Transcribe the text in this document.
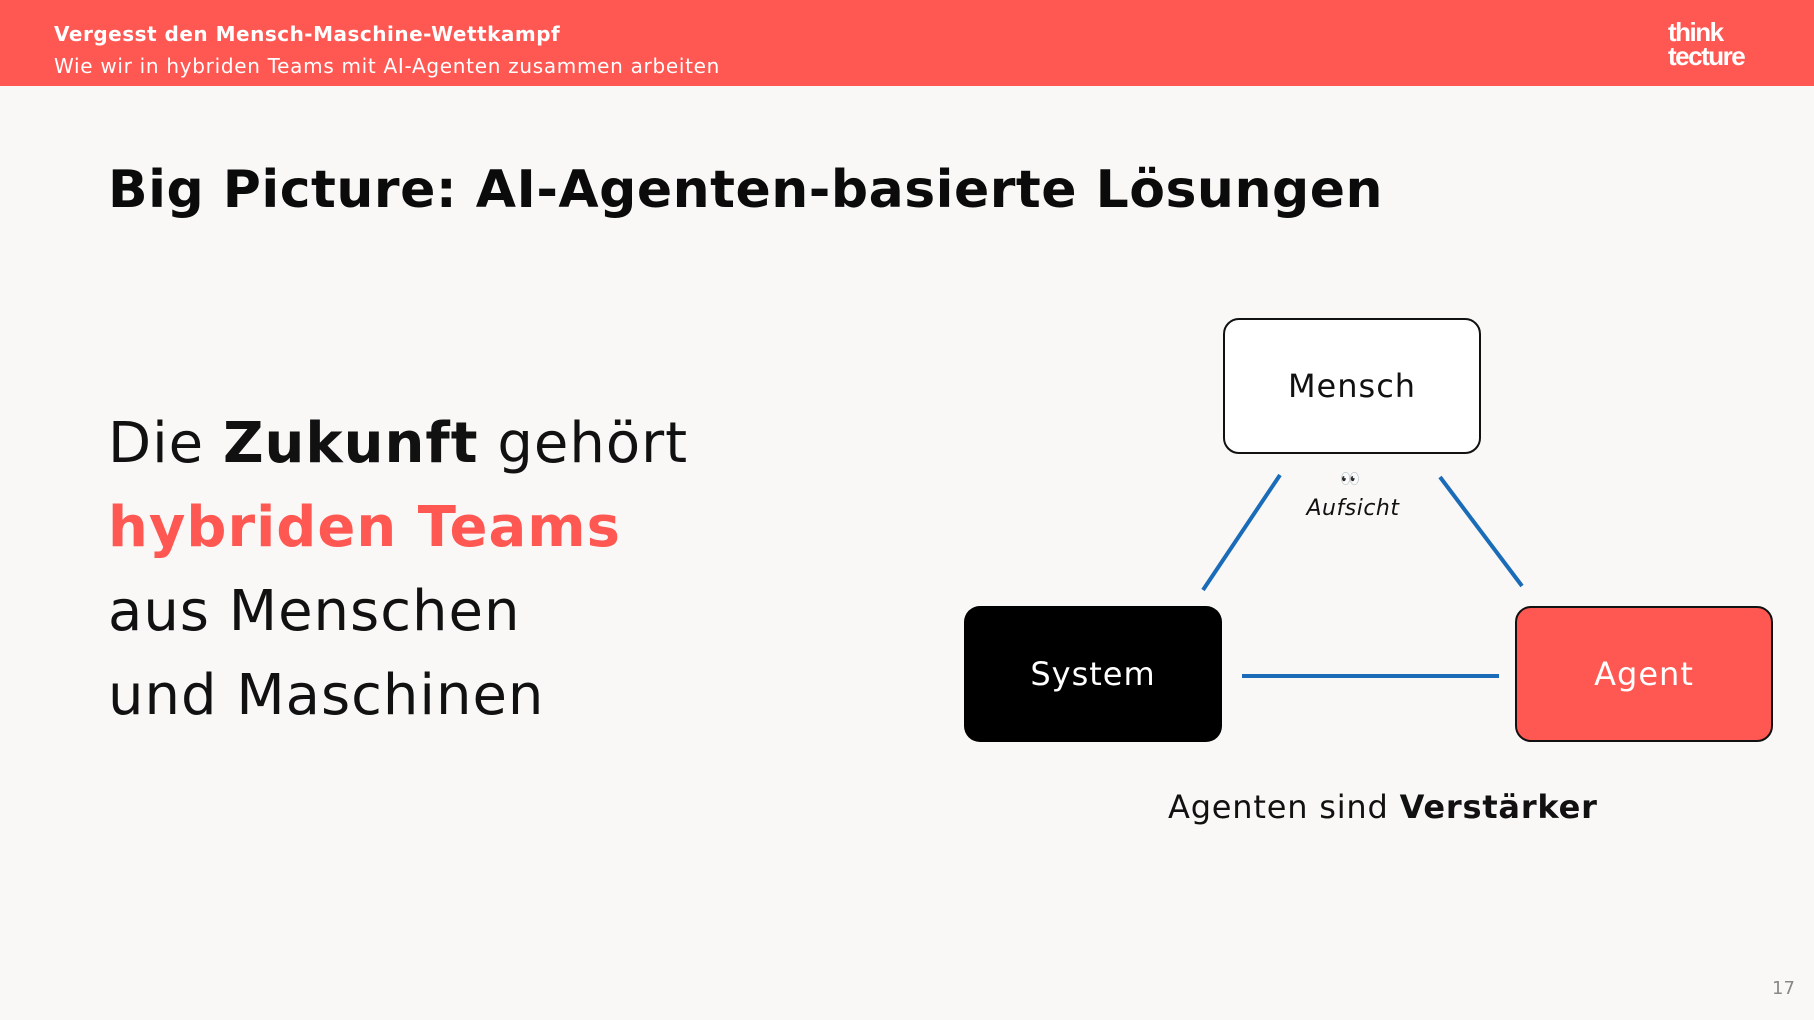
Vergesst den Mensch-Maschine-Wettkampf
Wie wir in hybriden Teams mit AI-Agenten zusammen arbeiten
think
tecture
Big Picture: AI-Agenten-basierte Lösungen
Die Zukunft gehört
hybriden Teams
aus Menschen
und Maschinen
Mensch
System	Agent
👀
Aufsicht
Agenten sind Verstärker
17
